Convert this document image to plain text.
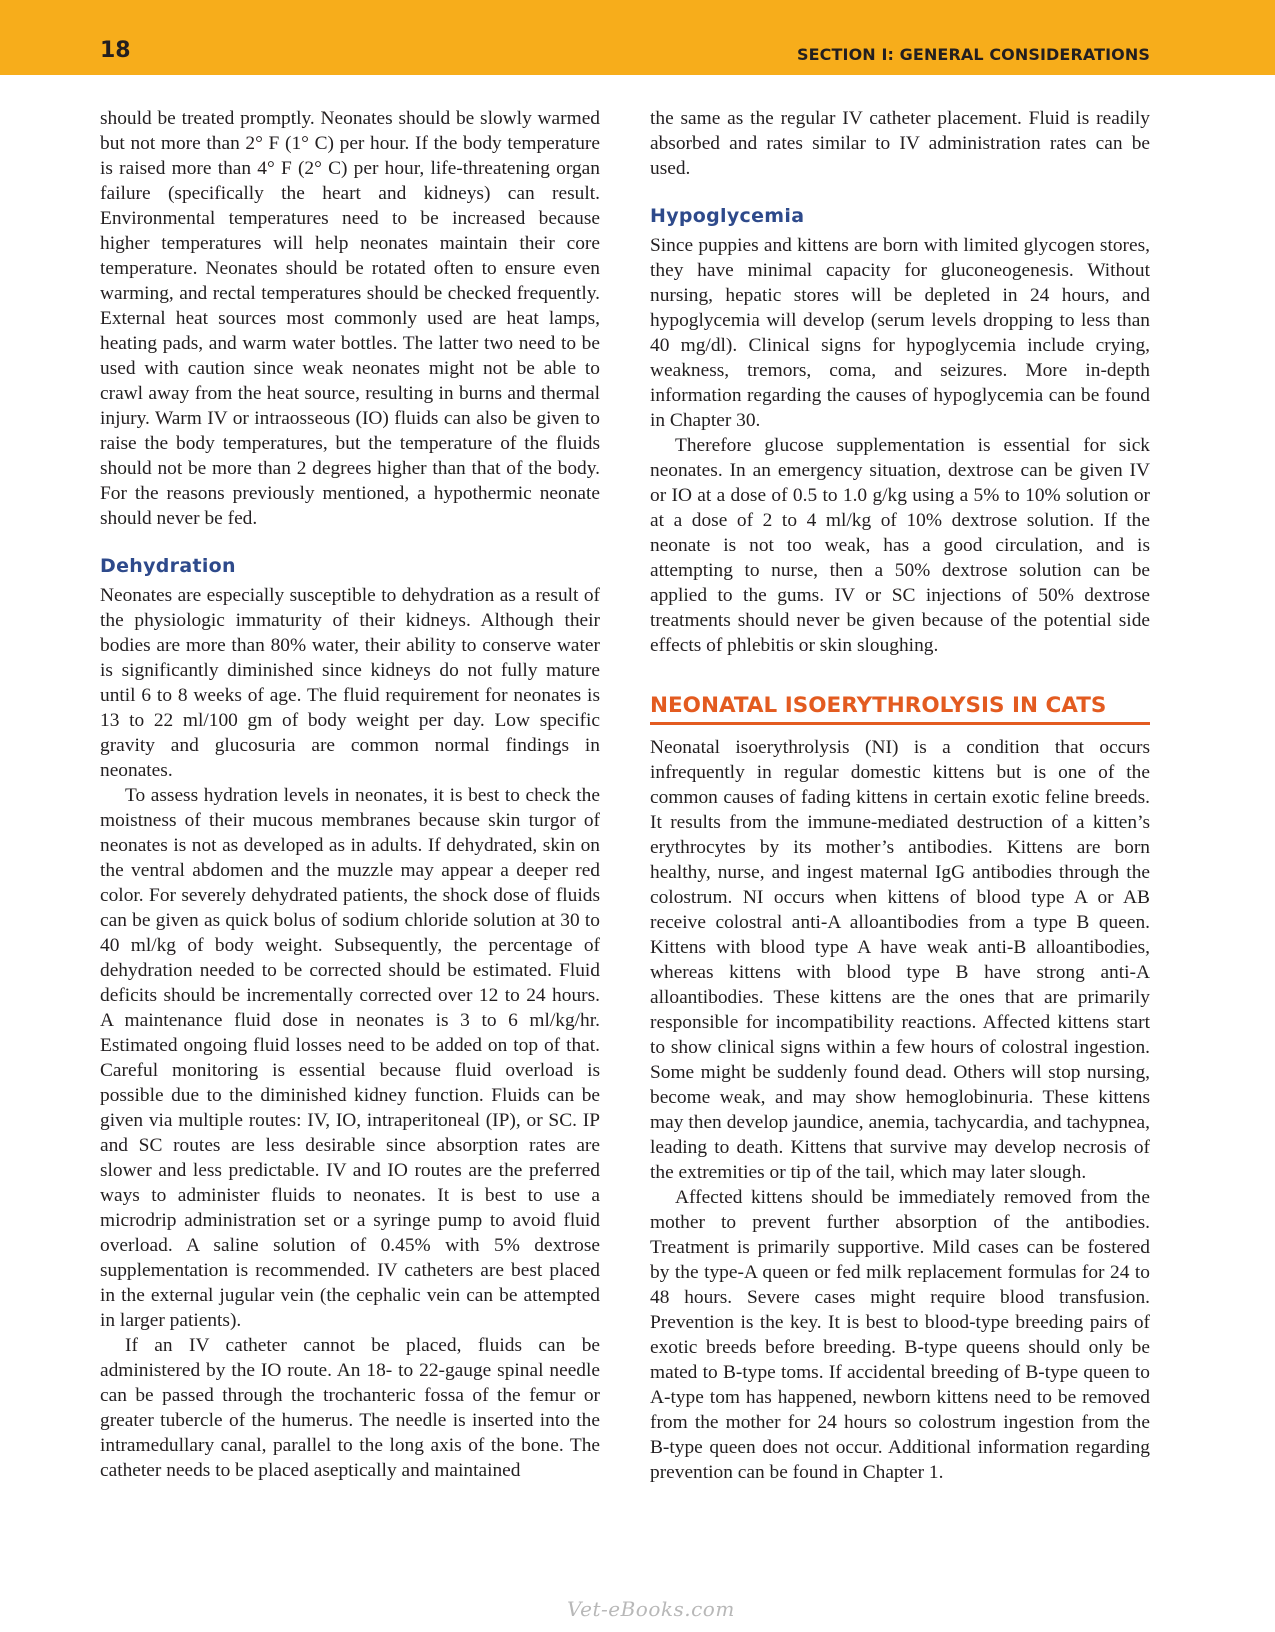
18	SECTION I: GENERAL CONSIDERATIONS

should be treated promptly. Neonates should be slowly warmed but not more than 2° F (1° C) per hour. If the body temperature is raised more than 4° F (2° C) per hour, life-threatening organ failure (specifically the heart and kidneys) can result. Environmental temperatures need to be increased because higher temperatures will help neonates maintain their core temperature. Neonates should be rotated often to ensure even warming, and rectal temperatures should be checked frequently. External heat sources most commonly used are heat lamps, heating pads, and warm water bottles. The latter two need to be used with caution since weak neonates might not be able to crawl away from the heat source, resulting in burns and thermal injury. Warm IV or intraosseous (IO) fluids can also be given to raise the body temperatures, but the temperature of the fluids should not be more than 2 degrees higher than that of the body. For the reasons previously mentioned, a hypothermic neonate should never be fed.

Dehydration

Neonates are especially susceptible to dehydration as a result of the physiologic immaturity of their kidneys. Although their bodies are more than 80% water, their ability to conserve water is significantly diminished since kidneys do not fully mature until 6 to 8 weeks of age. The fluid requirement for neonates is 13 to 22 ml/100 gm of body weight per day. Low specific gravity and glucosuria are common normal findings in neonates.

To assess hydration levels in neonates, it is best to check the moistness of their mucous membranes because skin turgor of neonates is not as developed as in adults. If dehydrated, skin on the ventral abdomen and the muzzle may appear a deeper red color. For severely dehydrated patients, the shock dose of fluids can be given as quick bolus of sodium chloride solution at 30 to 40 ml/kg of body weight. Subsequently, the percentage of dehydration needed to be corrected should be estimated. Fluid deficits should be incrementally corrected over 12 to 24 hours. A maintenance fluid dose in neonates is 3 to 6 ml/kg/hr. Estimated ongoing fluid losses need to be added on top of that. Careful monitoring is essential because fluid overload is possible due to the diminished kidney function. Fluids can be given via multiple routes: IV, IO, intraperitoneal (IP), or SC. IP and SC routes are less desirable since absorption rates are slower and less predictable. IV and IO routes are the preferred ways to administer fluids to neonates. It is best to use a microdrip administration set or a syringe pump to avoid fluid overload. A saline solution of 0.45% with 5% dextrose supplementation is recommended. IV catheters are best placed in the external jugular vein (the cephalic vein can be attempted in larger patients).

If an IV catheter cannot be placed, fluids can be administered by the IO route. An 18- to 22-gauge spinal needle can be passed through the trochanteric fossa of the femur or greater tubercle of the humerus. The needle is inserted into the intramedullary canal, parallel to the long axis of the bone. The catheter needs to be placed aseptically and maintained

the same as the regular IV catheter placement. Fluid is readily absorbed and rates similar to IV administration rates can be used.

Hypoglycemia

Since puppies and kittens are born with limited glycogen stores, they have minimal capacity for gluconeogenesis. Without nursing, hepatic stores will be depleted in 24 hours, and hypoglycemia will develop (serum levels dropping to less than 40 mg/dl). Clinical signs for hypoglycemia include crying, weakness, tremors, coma, and seizures. More in-depth information regarding the causes of hypoglycemia can be found in Chapter 30.

Therefore glucose supplementation is essential for sick neonates. In an emergency situation, dextrose can be given IV or IO at a dose of 0.5 to 1.0 g/kg using a 5% to 10% solution or at a dose of 2 to 4 ml/kg of 10% dextrose solution. If the neonate is not too weak, has a good circulation, and is attempting to nurse, then a 50% dextrose solution can be applied to the gums. IV or SC injections of 50% dextrose treatments should never be given because of the potential side effects of phlebitis or skin sloughing.

NEONATAL ISOERYTHROLYSIS IN CATS

Neonatal isoerythrolysis (NI) is a condition that occurs infrequently in regular domestic kittens but is one of the common causes of fading kittens in certain exotic feline breeds. It results from the immune-mediated destruction of a kitten’s erythrocytes by its mother’s antibodies. Kittens are born healthy, nurse, and ingest maternal IgG antibodies through the colostrum. NI occurs when kittens of blood type A or AB receive colostral anti-A alloantibodies from a type B queen. Kittens with blood type A have weak anti-B alloantibodies, whereas kittens with blood type B have strong anti-A alloantibodies. These kittens are the ones that are primarily responsible for incompatibility reactions. Affected kittens start to show clinical signs within a few hours of colostral ingestion. Some might be suddenly found dead. Others will stop nursing, become weak, and may show hemoglobinuria. These kittens may then develop jaundice, anemia, tachycardia, and tachypnea, leading to death. Kittens that survive may develop necrosis of the extremities or tip of the tail, which may later slough.

Affected kittens should be immediately removed from the mother to prevent further absorption of the antibodies. Treatment is primarily supportive. Mild cases can be fostered by the type-A queen or fed milk replacement formulas for 24 to 48 hours. Severe cases might require blood transfusion. Prevention is the key. It is best to blood-type breeding pairs of exotic breeds before breeding. B-type queens should only be mated to B-type toms. If accidental breeding of B-type queen to A-type tom has happened, newborn kittens need to be removed from the mother for 24 hours so colostrum ingestion from the B-type queen does not occur. Additional information regarding prevention can be found in Chapter 1.

Vet-eBooks.com
